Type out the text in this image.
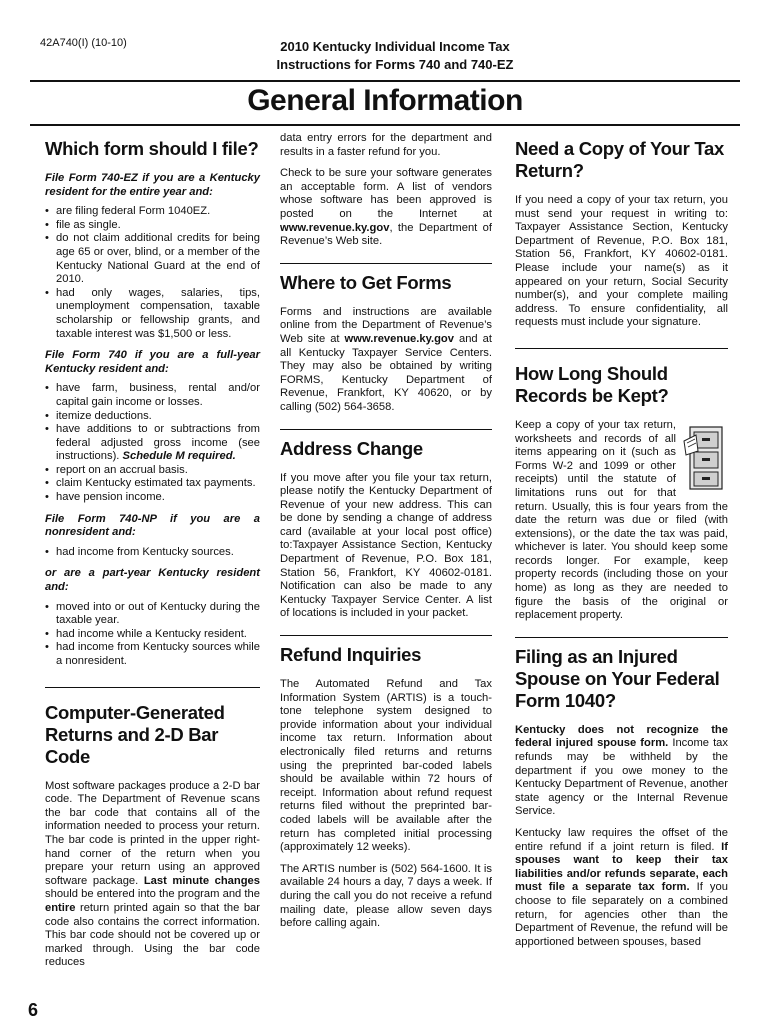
42A740(I) (10-10)	2010 Kentucky Individual Income Tax
Instructions for Forms 740 and 740-EZ
General Information
Which form should I file?

File Form 740-EZ if you are a Kentucky resident for the entire year and:

• are filing federal Form 1040EZ.
• file as single.
• do not claim additional credits for being age 65 or over, blind, or a member of the Kentucky National Guard at the end of 2010.
• had only wages, salaries, tips, unemployment compensation, taxable scholarship or fellowship grants, and taxable interest was $1,500 or less.

File Form 740 if you are a full-year Kentucky resident and:

• have farm, business, rental and/or capital gain income or losses.
• itemize deductions.
• have additions to or subtractions from federal adjusted gross income (see instructions). Schedule M required.
• report on an accrual basis.
• claim Kentucky estimated tax payments.
• have pension income.

File Form 740-NP if you are a nonresident and:

• had income from Kentucky sources.

or are a part-year Kentucky resident and:

• moved into or out of Kentucky during the taxable year.
• had income while a Kentucky resident.
• had income from Kentucky sources while a nonresident.
Computer-Generated Returns and 2-D Bar Code

Most software packages produce a 2-D bar code. The Department of Revenue scans the bar code that contains all of the information needed to process your return. The bar code is printed in the upper right-hand corner of the return when you prepare your return using an approved software package. Last minute changes should be entered into the program and the entire return printed again so that the bar code also contains the correct information. This bar code should not be covered up or marked through. Using the bar code reduces

data entry errors for the department and results in a faster refund for you.

Check to be sure your software generates an acceptable form. A list of vendors whose software has been approved is posted on the Internet at www.revenue.ky.gov, the Department of Revenue’s Web site.

Where to Get Forms

Forms and instructions are available online from the Department of Revenue’s Web site at www.revenue.ky.gov and at all Kentucky Taxpayer Service Centers. They may also be obtained by writing FORMS, Kentucky Department of Revenue, Frankfort, KY 40620, or by calling (502) 564-3658.

Address Change

If you move after you file your tax return, please notify the Kentucky Department of Revenue of your new address. This can be done by sending a change of address card (available at your local post office) to:Taxpayer Assistance Section, Kentucky Department of Revenue, P.O. Box 181, Station 56, Frankfort, KY 40602-0181. Notification can also be made to any Kentucky Taxpayer Service Center. A list of locations is included in your packet.

Refund Inquiries

The Automated Refund and Tax Information System (ARTIS) is a touch-tone telephone system designed to provide information about your individual income tax return. Information about electronically filed returns and returns using the preprinted bar-coded labels should be available within 72 hours of receipt. Information about refund request returns filed without the preprinted bar-coded labels will be available after the return has completed initial processing (approximately 12 weeks).

The ARTIS number is (502) 564-1600. It is available 24 hours a day, 7 days a week. If during the call you do not receive a refund mailing date, please allow seven days before calling again.

Need a Copy of Your Tax Return?

If you need a copy of your tax return, you must send your request in writing to: Taxpayer Assistance Section, Kentucky Department of Revenue, P.O. Box 181, Station 56, Frankfort, KY 40602-0181. Please include your name(s) as it appeared on your return, Social Security number(s), and your complete mailing address. To ensure confidentiality, all requests must include your signature.

How Long Should Records be Kept?

Keep a copy of your tax return, worksheets and records of all items appearing on it (such as Forms W-2 and 1099 or other receipts) until the statute of limitations runs out for that return. Usually, this is four years from the date the return was due or filed (with extensions), or the date the tax was paid, whichever is later. You should keep some records longer. For example, keep property records (including those on your home) as long as they are needed to figure the basis of the original or replacement property.

Filing as an Injured Spouse on Your Federal Form 1040?

Kentucky does not recognize the federal injured spouse form. Income tax refunds may be withheld by the department if you owe money to the Kentucky Department of Revenue, another state agency or the Internal Revenue Service.

Kentucky law requires the offset of the entire refund if a joint return is filed. If spouses want to keep their tax liabilities and/or refunds separate, each must file a separate tax form. If you choose to file separately on a combined return, for agencies other than the Department of Revenue, the refund will be apportioned between spouses, based

6
